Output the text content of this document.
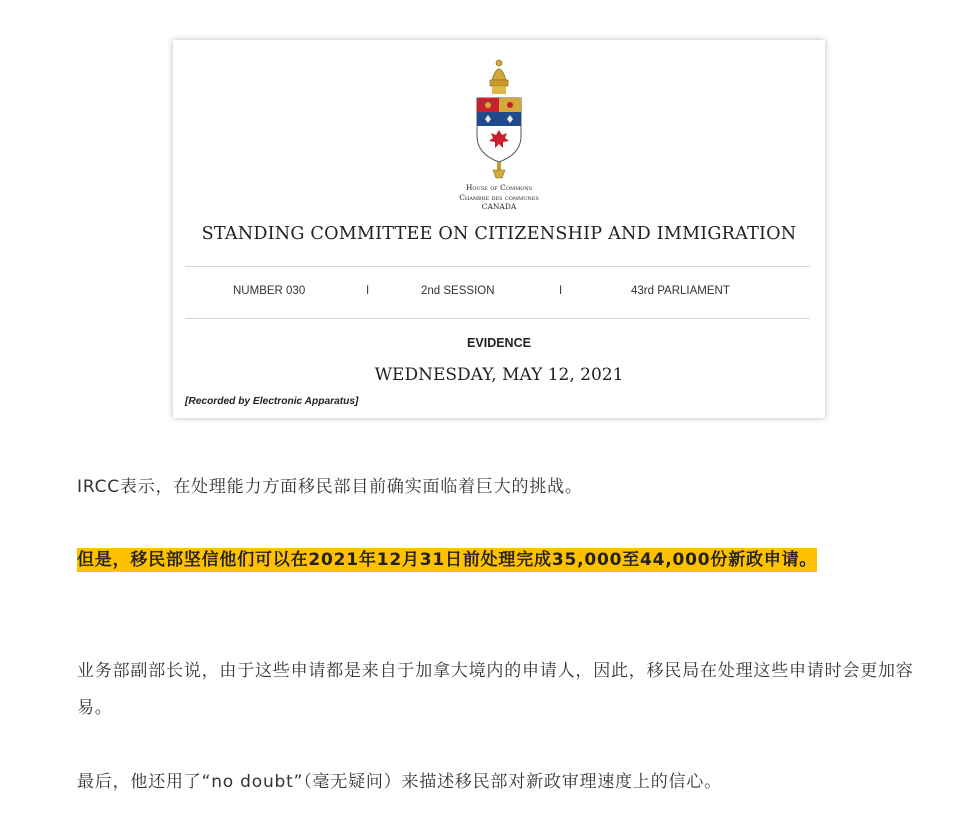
House of Commons
Chambre des communes
CANADA
STANDING COMMITTEE ON CITIZENSHIP AND IMMIGRATION
NUMBER 030	I	2nd SESSION	I	43rd PARLIAMENT
EVIDENCE
WEDNESDAY, MAY 12, 2021
[Recorded by Electronic Apparatus]
IRCC表示，在处理能力方面移民部目前确实面临着巨大的挑战。
但是，移民部坚信他们可以在2021年12月31日前处理完成35,000至44,000份新政申请。
业务部副部长说，由于这些申请都是来自于加拿大境内的申请人，因此，移民局在处理这些申请时会更加容易。
最后，他还用了“no doubt”（毫无疑问）来描述移民部对新政审理速度上的信心。
